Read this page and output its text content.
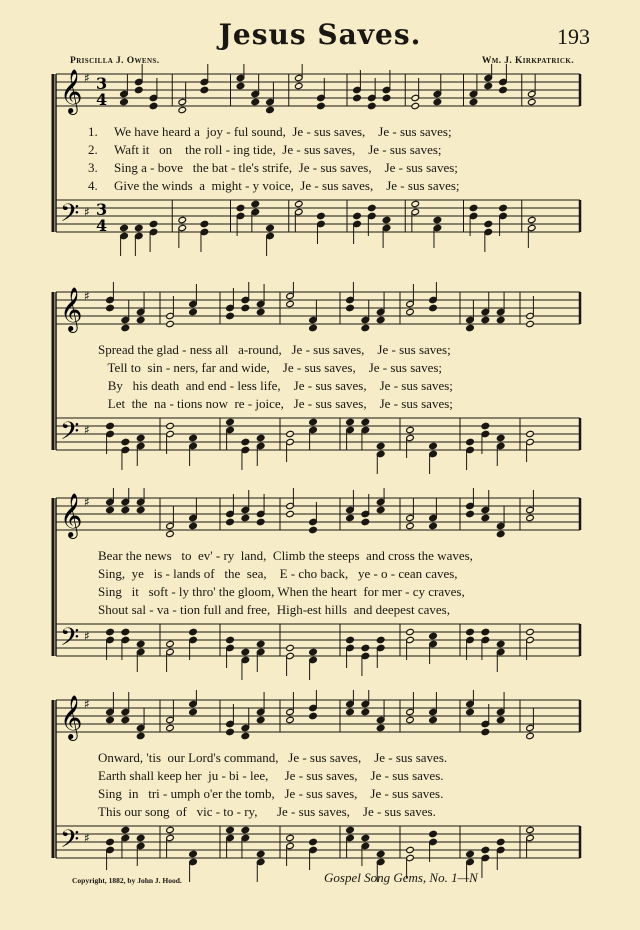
Jesus Saves.	193
Priscilla J. Owens.	Wm. J. Kirkpatrick.
𝄞
𝄢
♯
♯
3
4
3
4
1.	We have heard a  joy - ful sound,  Je - sus saves,    Je - sus saves;
2.	Waft it   on    the roll - ing tide,  Je - sus saves,    Je - sus saves;
3.	Sing a - bove   the bat - tle's strife,  Je - sus saves,    Je - sus saves;
4.	Give the winds  a  might - y voice,  Je - sus saves,    Je - sus saves;
𝄞
𝄢
♯
♯
Spread the glad - ness all   a-round,   Je - sus saves,    Je - sus saves;
Tell to  sin - ners, far and wide,    Je - sus saves,    Je - sus saves;
By   his death  and end - less life,    Je - sus saves,    Je - sus saves;
Let  the  na - tions now  re - joice,   Je - sus saves,    Je - sus saves;
𝄞
𝄢
♯
♯
Bear the news   to  ev' - ry  land,  Climb the steeps  and cross the waves,
Sing,  ye   is - lands of   the  sea,    E - cho back,   ye - o - cean caves,
Sing   it   soft - ly thro' the gloom, When the heart  for mer - cy craves,
Shout sal - va - tion full and free,  High-est hills  and deepest caves,
𝄞
𝄢
♯
♯
Onward, 'tis  our Lord's command,   Je - sus saves,    Je - sus saves.
Earth shall keep her  ju - bi - lee,     Je - sus saves,    Je - sus saves.
Sing  in   tri - umph o'er the tomb,   Je - sus saves,    Je - sus saves.
This our song  of   vic - to - ry,      Je - sus saves,    Je - sus saves.
Copyright, 1882, by John J. Hood.	Gospel Song Gems, No. 1—N
